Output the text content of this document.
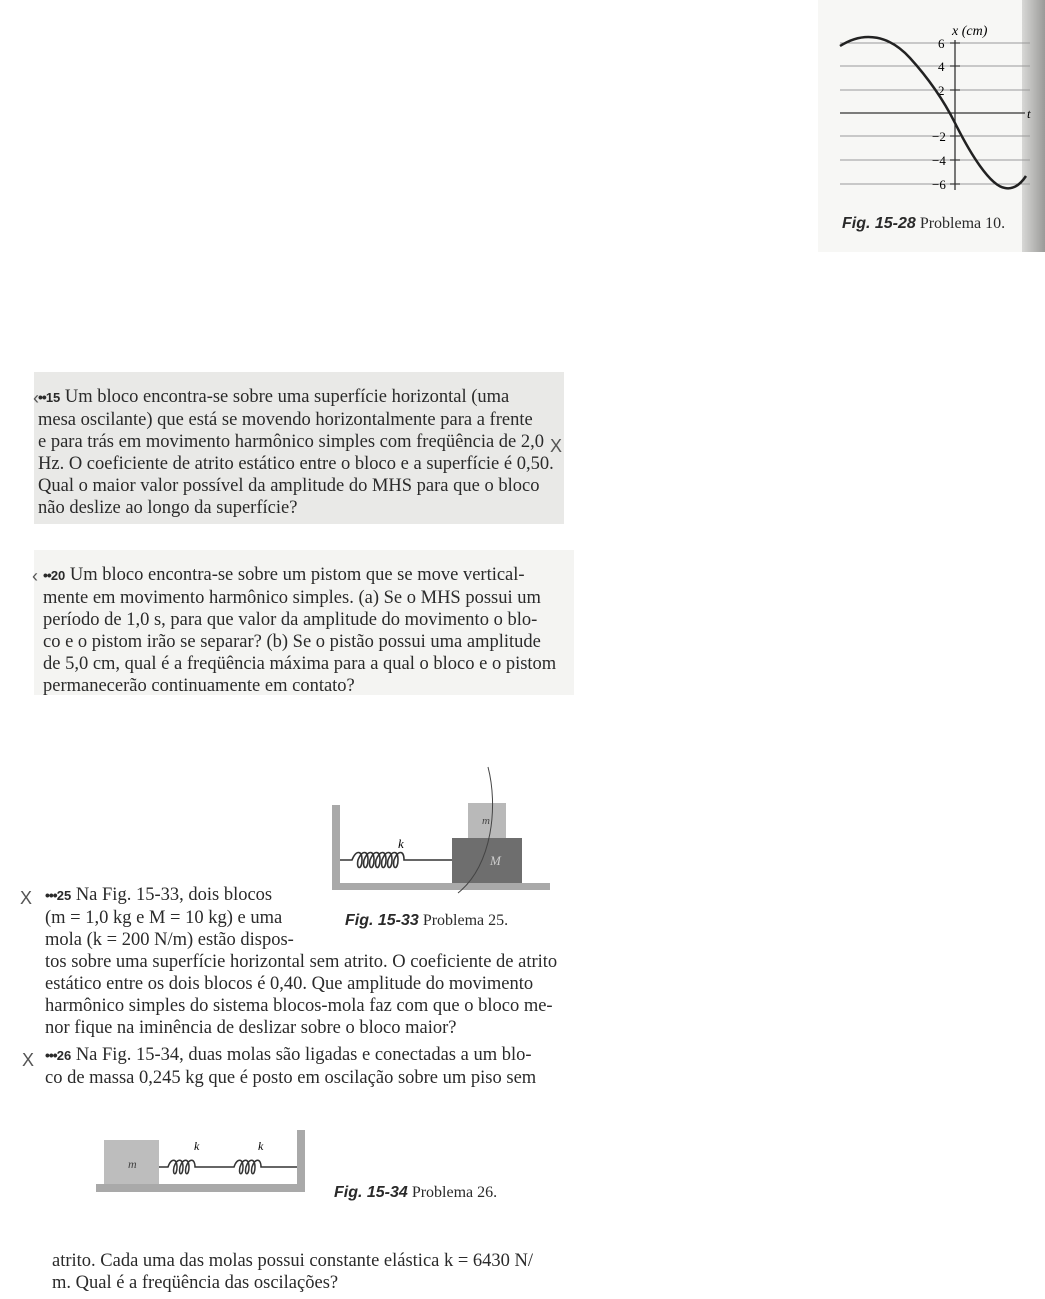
x (cm)
t
6
4
2
−2
−4
−6
Fig. 15-28 Problema 10.
‹
X
••15 Um bloco encontra-se sobre uma superfície horizontal (uma
mesa oscilante) que está se movendo horizontalmente para a frente
e para trás em movimento harmônico simples com freqüência de 2,0
Hz. O coeficiente de atrito estático entre o bloco e a superfície é 0,50.
Qual o maior valor possível da amplitude do MHS para que o bloco
não deslize ao longo da superfície?
‹ ••20 Um bloco encontra-se sobre um pistom que se move vertical-
mente em movimento harmônico simples. (a) Se o MHS possui um
período de 1,0 s, para que valor da amplitude do movimento o blo-
co e o pistom irão se separar? (b) Se o pistão possui uma amplitude
de 5,0 cm, qual é a freqüência máxima para a qual o bloco e o pistom
permanecerão continuamente em contato?
k
M
m
Fig. 15-33 Problema 25.
X •••25 Na Fig. 15-33, dois blocos
(m = 1,0 kg e M = 10 kg) e uma
mola (k = 200 N/m) estão dispos-
tos sobre uma superfície horizontal sem atrito. O coeficiente de atrito
estático entre os dois blocos é 0,40. Que amplitude do movimento
harmônico simples do sistema blocos-mola faz com que o bloco me-
nor fique na iminência de deslizar sobre o bloco maior?
X •••26 Na Fig. 15-34, duas molas são ligadas e conectadas a um blo-
co de massa 0,245 kg que é posto em oscilação sobre um piso sem
m
k	k
Fig. 15-34 Problema 26.
atrito. Cada uma das molas possui constante elástica k = 6430 N/
m. Qual é a freqüência das oscilações?
